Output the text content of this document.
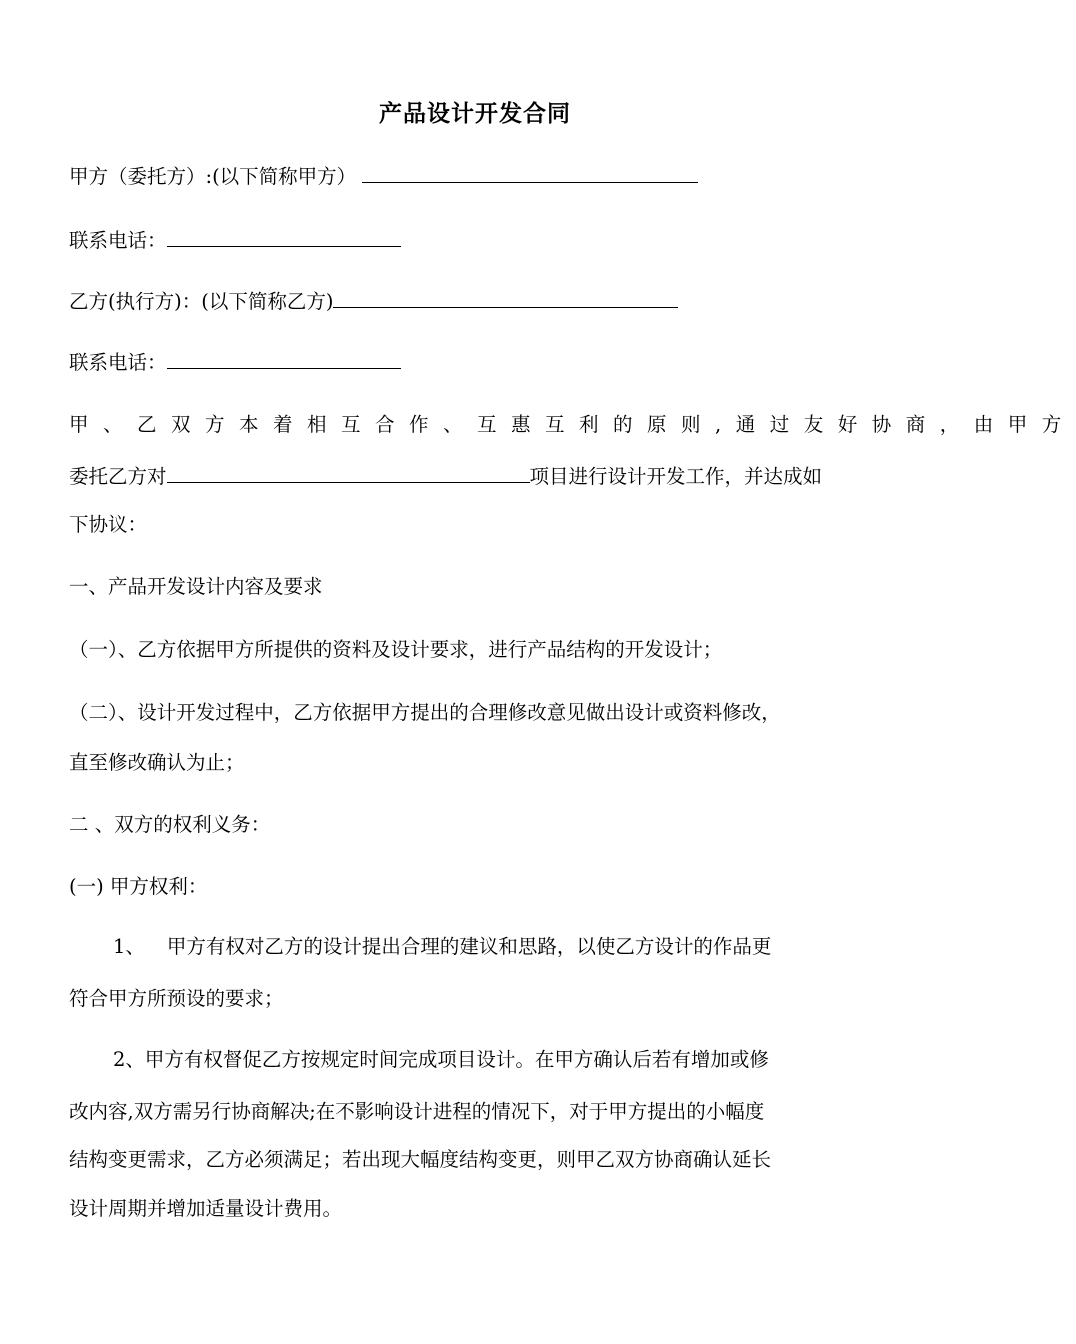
产品设计开发合同
甲方（委托方）:(以下简称甲方）
联系电话：
乙方(执行方)：(以下简称乙方)
联系电话：
甲、乙双方本着相互合作、互惠互利的原则,通过友好协商，由甲方
委托乙方对	项目进行设计开发工作，并达成如
下协议：
一、产品开发设计内容及要求
（一）、乙方依据甲方所提供的资料及设计要求，进行产品结构的开发设计；
（二）、设计开发过程中，乙方依据甲方提出的合理修改意见做出设计或资料修改，
直至修改确认为止；
二 、双方的权利义务：
(一) 甲方权利：
1、 甲方有权对乙方的设计提出合理的建议和思路，以使乙方设计的作品更
符合甲方所预设的要求；
2、甲方有权督促乙方按规定时间完成项目设计。在甲方确认后若有增加或修
改内容,双方需另行协商解决;在不影响设计进程的情况下，对于甲方提出的小幅度
结构变更需求，乙方必须满足；若出现大幅度结构变更，则甲乙双方协商确认延长
设计周期并增加适量设计费用。
